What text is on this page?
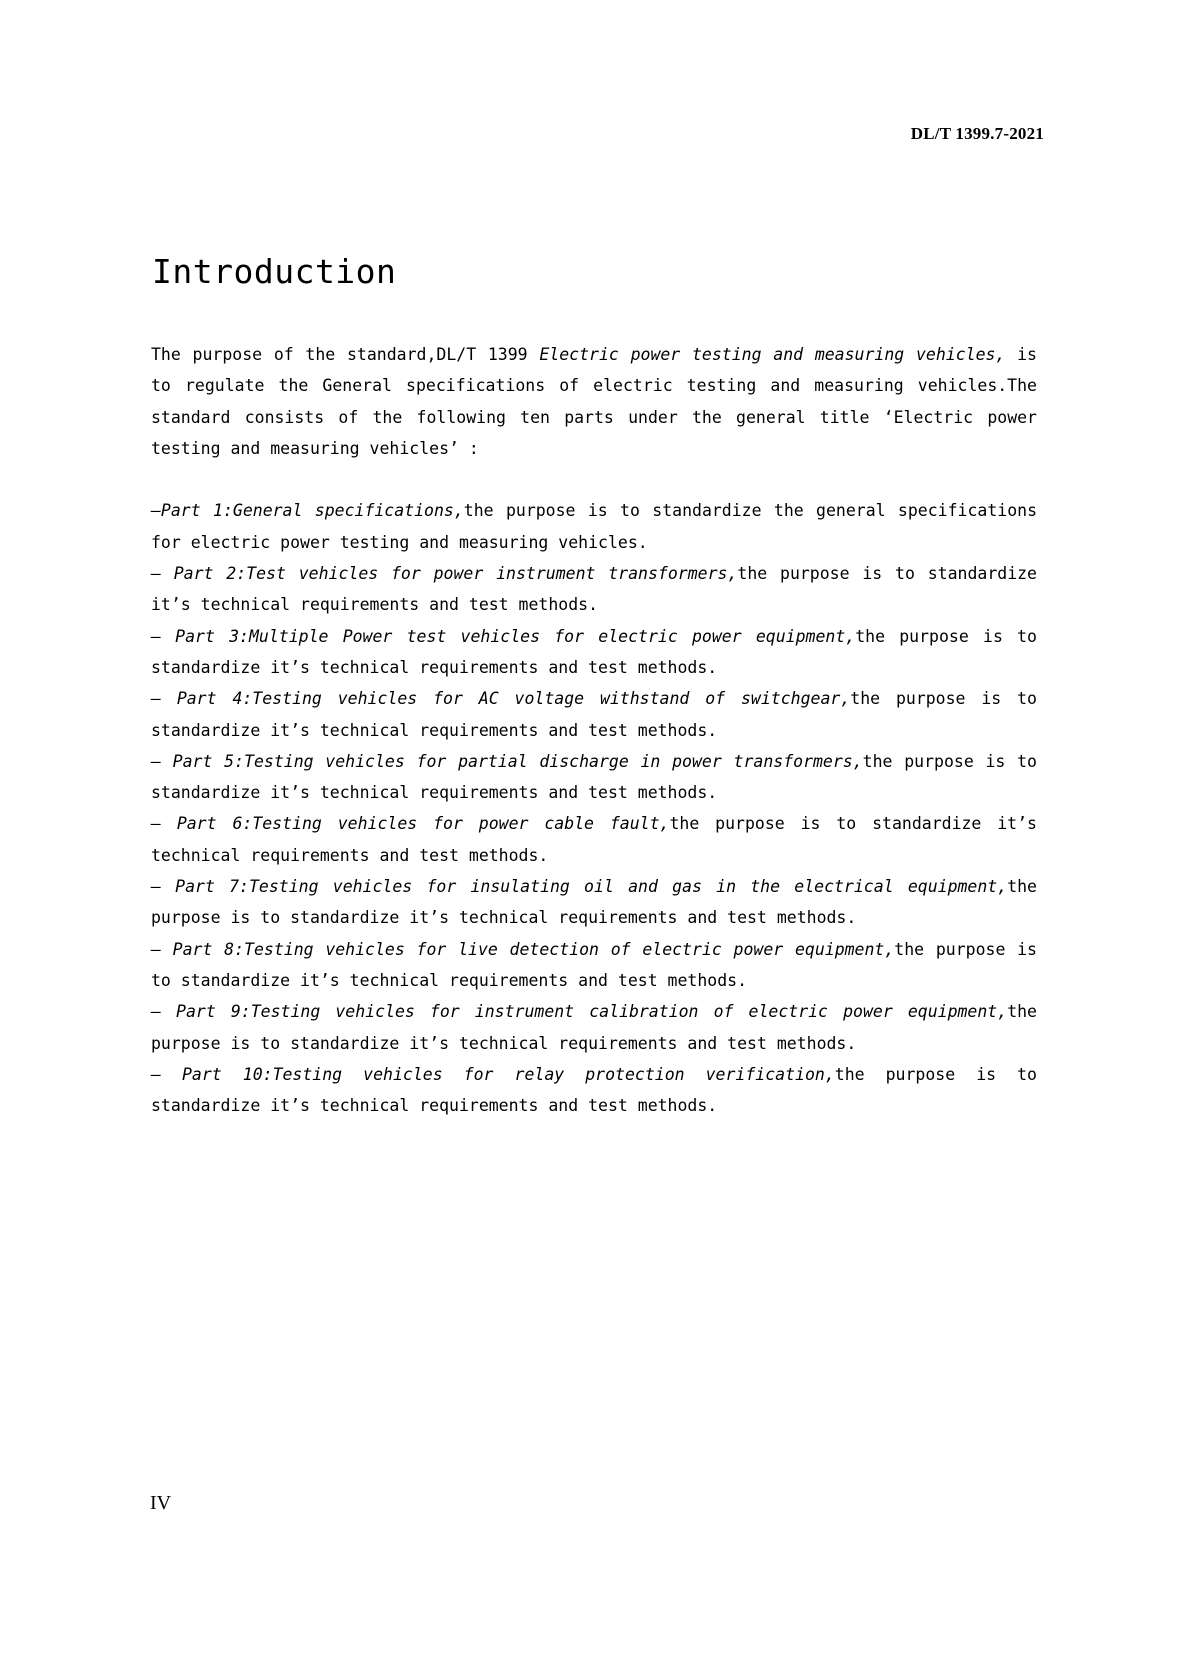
DL/T 1399.7-2021
Introduction

The purpose of the standard,DL/T 1399 Electric power testing and measuring vehicles, is to regulate the General specifications of electric testing and measuring vehicles.The standard consists of the following ten parts under the general title ‘Electric power testing and measuring vehicles’ :

—Part 1:General specifications,the purpose is to standardize the general specifications for electric power testing and measuring vehicles.

— Part 2:Test vehicles for power instrument transformers,the purpose is to standardize it’s technical requirements and test methods.

— Part 3:Multiple Power test vehicles for electric power equipment,the purpose is to standardize it’s technical requirements and test methods.

— Part 4:Testing vehicles for AC voltage withstand of switchgear,the purpose is to standardize it’s technical requirements and test methods.

— Part 5:Testing vehicles for partial discharge in power transformers,the purpose is to standardize it’s technical requirements and test methods.

— Part 6:Testing vehicles for power cable fault,the purpose is to standardize it’s technical requirements and test methods.

— Part 7:Testing vehicles for insulating oil and gas in the electrical equipment,the purpose is to standardize it’s technical requirements and test methods.

— Part 8:Testing vehicles for live detection of electric power equipment,the purpose is to standardize it’s technical requirements and test methods.

— Part 9:Testing vehicles for instrument calibration of electric power equipment,the purpose is to standardize it’s technical requirements and test methods.

— Part 10:Testing vehicles for relay protection verification,the purpose is to standardize it’s technical requirements and test methods.

IV
